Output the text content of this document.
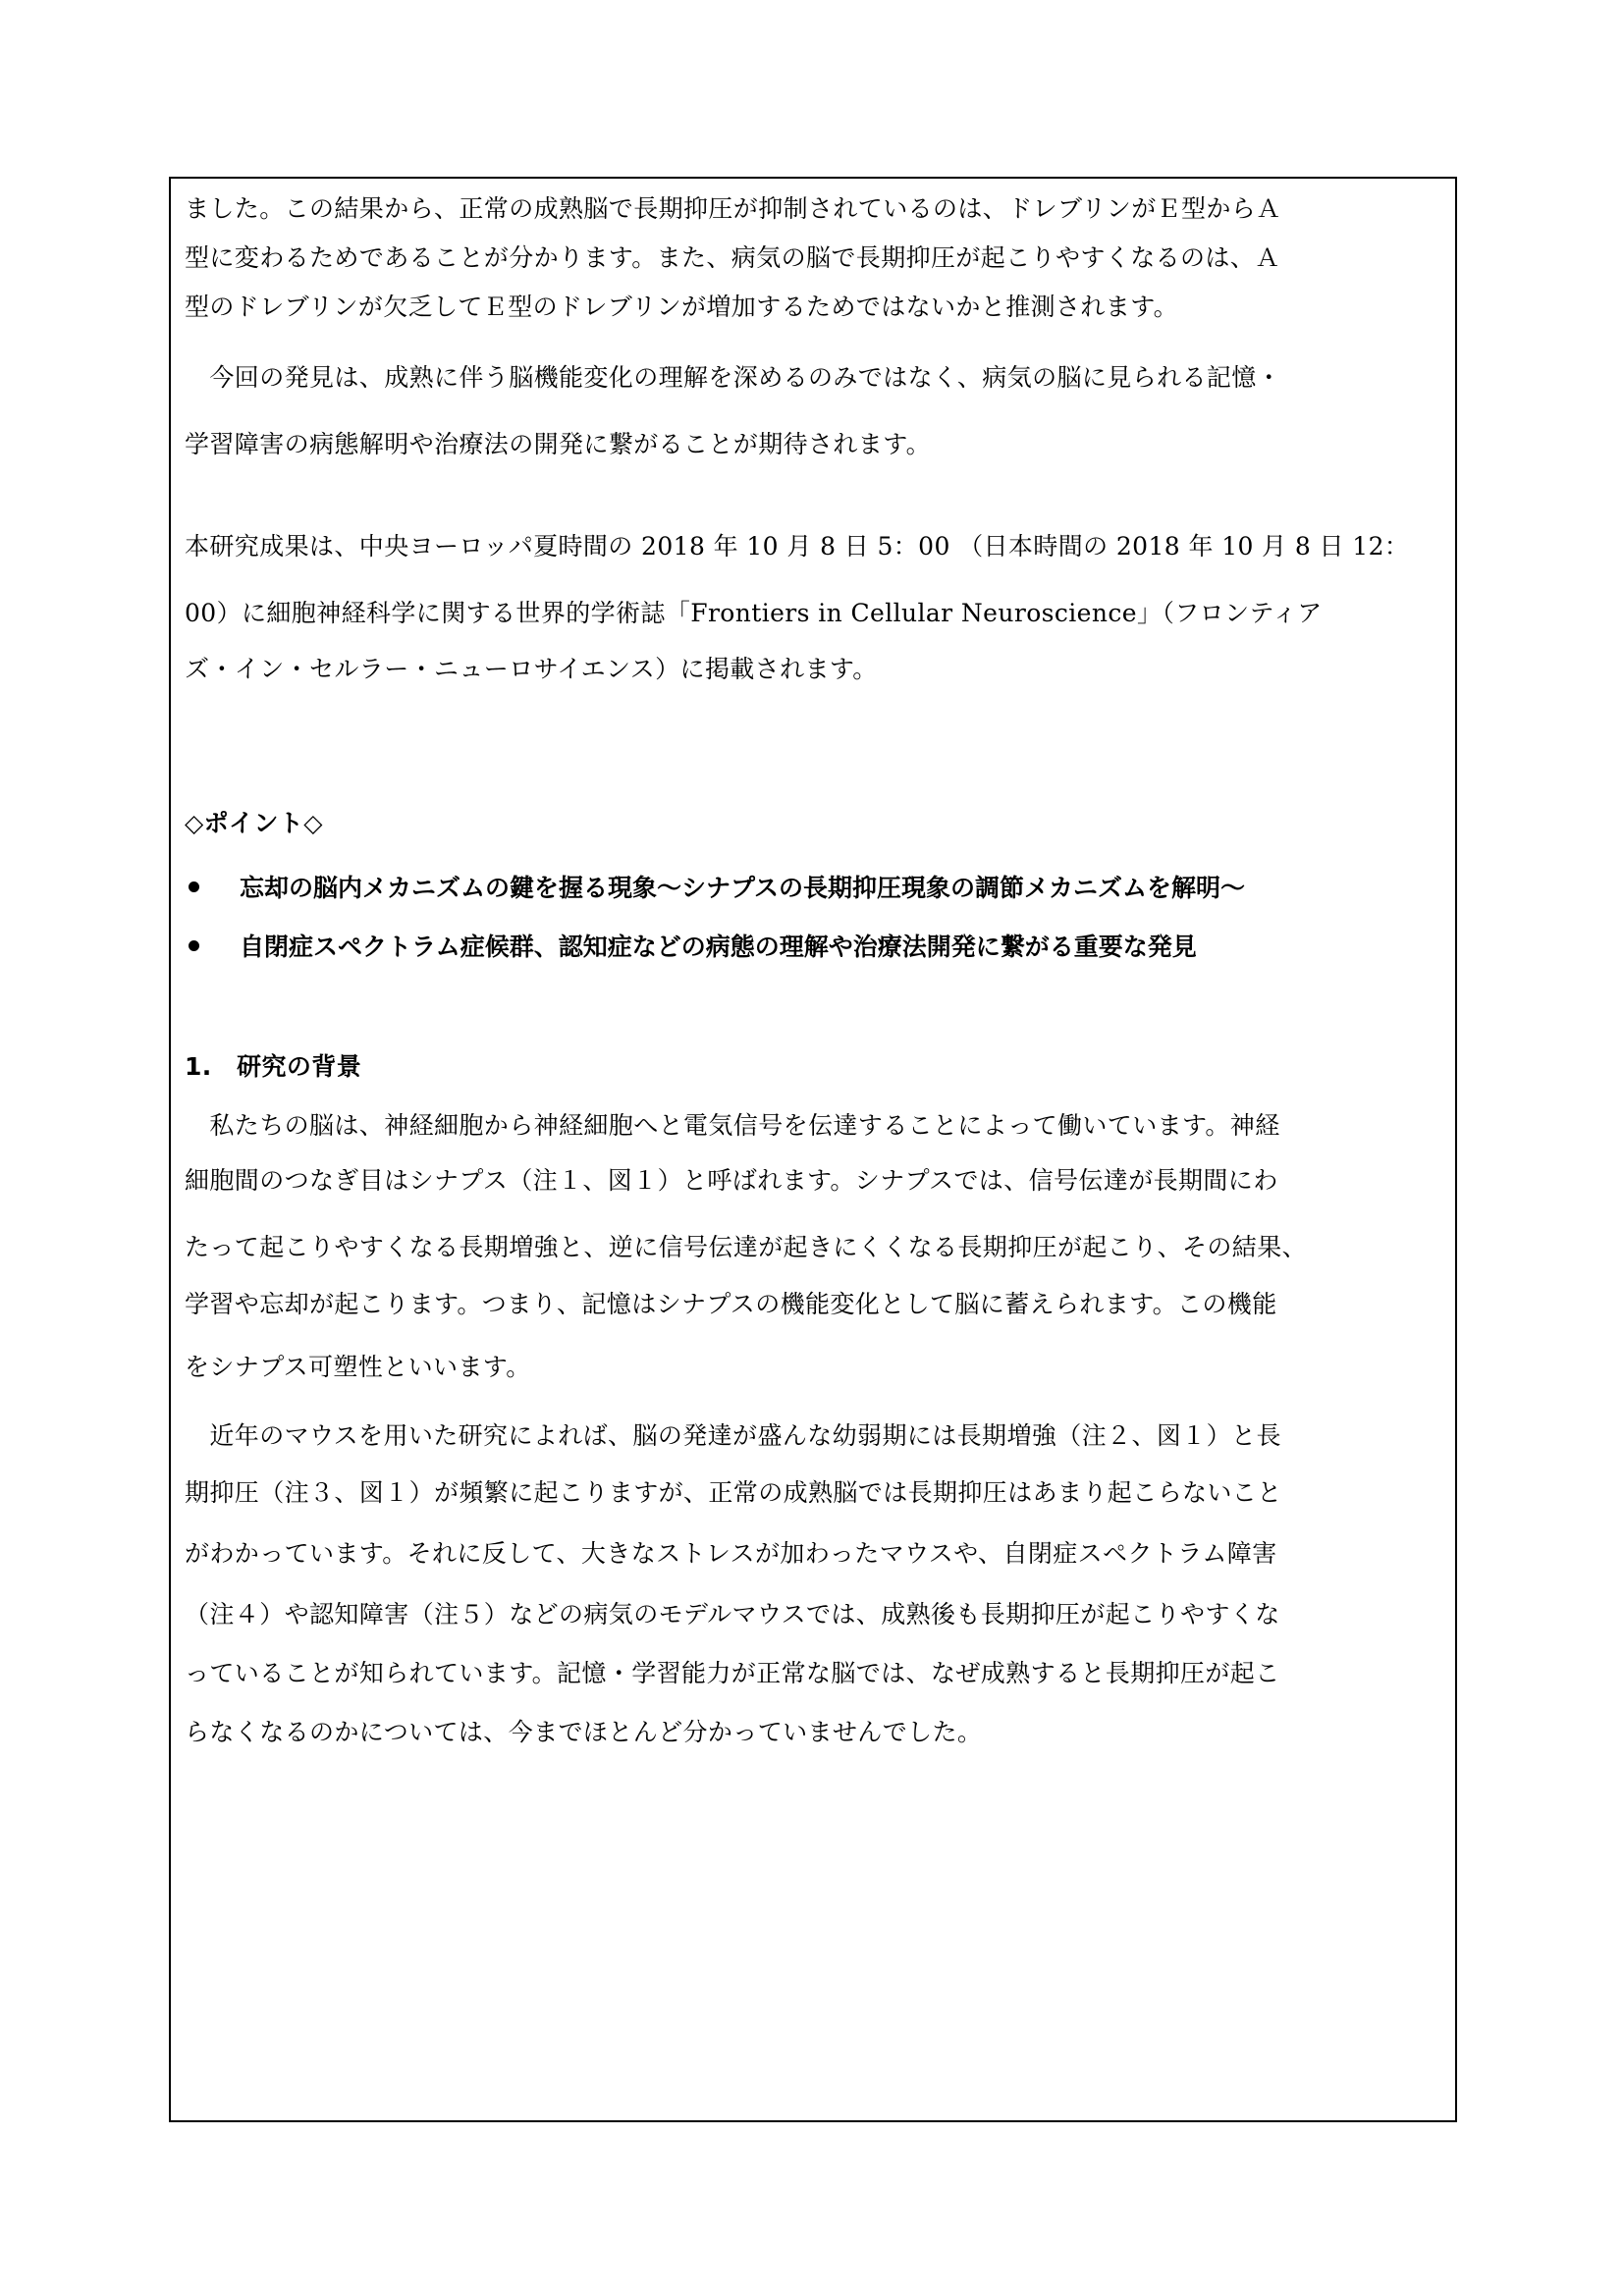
ました。この結果から、正常の成熟脳で長期抑圧が抑制されているのは、ドレブリンがＥ型からＡ
型に変わるためであることが分かります。また、病気の脳で長期抑圧が起こりやすくなるのは、Ａ
型のドレブリンが欠乏してＥ型のドレブリンが増加するためではないかと推測されます。
　今回の発見は、成熟に伴う脳機能変化の理解を深めるのみではなく、病気の脳に見られる記憶・
学習障害の病態解明や治療法の開発に繋がることが期待されます。
本研究成果は、中央ヨーロッパ夏時間の 2018 年 10 月 8 日 5：00 （日本時間の 2018 年 10 月 8 日 12：
00）に細胞神経科学に関する世界的学術誌「Frontiers in Cellular Neuroscience」（フロンティア
ズ・イン・セルラー・ニューロサイエンス）に掲載されます。
◇ポイント◇
忘却の脳内メカニズムの鍵を握る現象～シナプスの長期抑圧現象の調節メカニズムを解明～
自閉症スペクトラム症候群、認知症などの病態の理解や治療法開発に繋がる重要な発見
1.　研究の背景
　私たちの脳は、神経細胞から神経細胞へと電気信号を伝達することによって働いています。神経
細胞間のつなぎ目はシナプス（注１、図１）と呼ばれます。シナプスでは、信号伝達が長期間にわ
たって起こりやすくなる長期増強と、逆に信号伝達が起きにくくなる長期抑圧が起こり、その結果、
学習や忘却が起こります。つまり、記憶はシナプスの機能変化として脳に蓄えられます。この機能
をシナプス可塑性といいます。
　近年のマウスを用いた研究によれば、脳の発達が盛んな幼弱期には長期増強（注２、図１）と長
期抑圧（注３、図１）が頻繁に起こりますが、正常の成熟脳では長期抑圧はあまり起こらないこと
がわかっています。それに反して、大きなストレスが加わったマウスや、自閉症スペクトラム障害
（注４）や認知障害（注５）などの病気のモデルマウスでは、成熟後も長期抑圧が起こりやすくな
っていることが知られています。記憶・学習能力が正常な脳では、なぜ成熟すると長期抑圧が起こ
らなくなるのかについては、今までほとんど分かっていませんでした。
